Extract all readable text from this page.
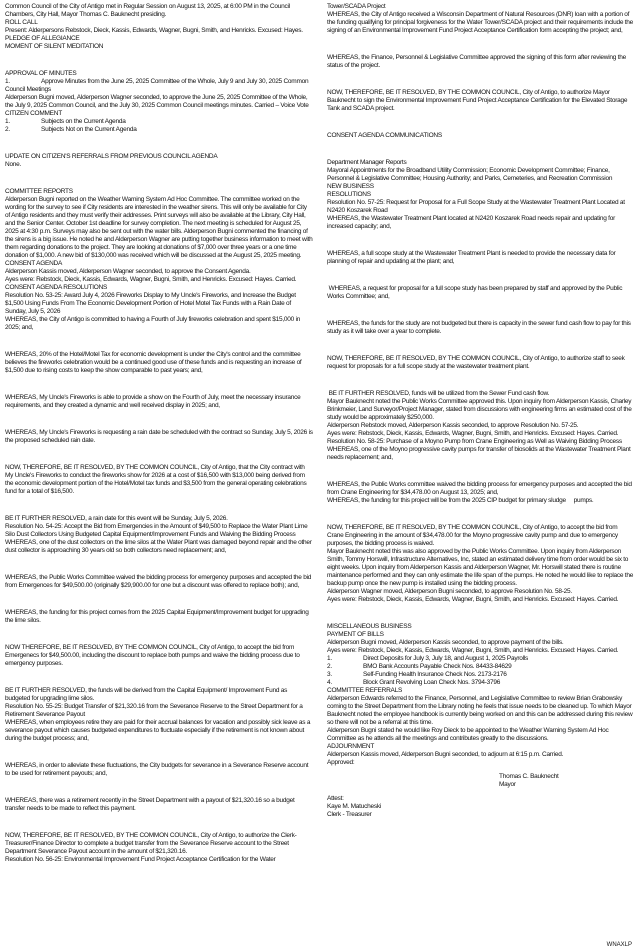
Common Council of the City of Antigo met in Regular Session on August 13, 2025, at 6:00 PM in the Council Chambers, City Hall, Mayor Thomas C. Bauknecht presiding.

ROLL CALL

Present: Alderpersons Rebstock, Dieck, Kassis, Edwards, Wagner, Bugni, Smith, and Henricks. Excused: Hayes.

PLEDGE OF ALLEGIANCE

MOMENT OF SILENT MEDITATION

APPROVAL OF MINUTES

1.	Approve Minutes from the June 25, 2025 Committee of the Whole, July 9 and July 30, 2025 Common Council Meetings

Alderperson Bugni moved, Alderperson Wagner seconded, to approve the June 25, 2025 Committee of the Whole, the July 9, 2025 Common Council, and the July 30, 2025 Common Council meetings minutes. Carried – Voice Vote

CITIZEN COMMENT

1.	Subjects on the Current Agenda

2.	Subjects Not on the Current Agenda

UPDATE ON CITIZEN'S REFERRALS FROM PREVIOUS COUNCIL AGENDA

None.

COMMITTEE REPORTS

Alderperson Bugni reported on the Weather Warning System Ad Hoc Committee. The committee worked on the wording for the survey to see if City residents are interested in the weather sirens. This will only be available for City of Antigo residents and they must verify their addresses. Print surveys will also be available at the Library, City Hall, and the Senior Center. October 1st deadline for survey completion. The next meeting is scheduled for August 25, 2025 at 4:30 p.m. Surveys may also be sent out with the water bills. Alderperson Bugni commented the financing of the sirens is a big issue. He noted he and Alderperson Wagner are putting together business information to meet with them regarding donations to the project. They are looking at donations of $7,000 over three years or a one time donation of $1,000. A new bid of $130,000 was received which will be discussed at the August 25, 2025 meeting.

CONSENT AGENDA

Alderperson Kassis moved, Alderperson Wagner seconded, to approve the Consent Agenda.

Ayes were: Rebstock, Dieck, Kassis, Edwards, Wagner, Bugni, Smith, and Henricks. Excused: Hayes. Carried.

CONSENT AGENDA RESOLUTIONS

Resolution No. 53-25: Award July 4, 2026 Fireworks Display to My Uncle's Fireworks, and Increase the Budget $1,500 Using Funds From The Economic Development Portion of Hotel Motel Tax Funds with a Rain Date of Sunday, July 5, 2026

WHEREAS, the City of Antigo is committed to having a Fourth of July fireworks celebration and spent $15,000 in 2025; and,

WHEREAS, 20% of the Hotel/Motel Tax for economic development is under the City's control and the committee believes the fireworks celebration would be a continued good use of these funds and is requesting an increase of $1,500 due to rising costs to keep the show comparable to past years; and,

WHEREAS, My Uncle's Fireworks is able to provide a show on the Fourth of July, meet the necessary insurance requirements, and they created a dynamic and well received display in 2025; and,

WHEREAS, My Uncle's Fireworks is requesting a rain date be scheduled with the contract so Sunday, July 5, 2026 is the proposed scheduled rain date.

NOW, THEREFORE, BE IT RESOLVED, BY THE COMMON COUNCIL, City of Antigo, that the City contract with My Uncle's Fireworks to conduct the fireworks show for 2026 at a cost of $16,500 with $13,000 being derived from the economic development portion of the Hotel/Motel tax funds and $3,500 from the general operating celebrations fund for a total of $16,500.

BE IT FURTHER RESOLVED, a rain date for this event will be Sunday, July 5, 2026.

Resolution No. 54-25: Accept the Bid from Emergencies in the Amount of $49,500 to Replace the Water Plant Lime Silo Dust Collectors Using Budgeted Capital Equipment/Improvement Funds and Waiving the Bidding Process

WHEREAS, one of the dust collectors on the lime silos at the Water Plant was damaged beyond repair and the other dust collector is approaching 30 years old so both collectors need replacement; and,

WHEREAS, the Public Works Committee waived the bidding process for emergency purposes and accepted the bid from Emergences for $49,500.00 (originally $29,900.00 for one but a discount was offered to replace both); and,

WHEREAS, the funding for this project comes from the 2025 Capital Equipment/Improvement budget for upgrading the lime silos.

NOW THEREFORE, BE IT RESOLVED, BY THE COMMON COUNCIL, City of Antigo, to accept the bid from Emergenecs for $49,500.00, including the discount to replace both pumps and waive the bidding process due to emergency purposes.

BE IT FURTHER RESOLVED, the funds will be derived from the Capital Equipment/ Improvement Fund as budgeted for upgrading lime silos.

Resolution No. 55-25: Budget Transfer of $21,320.16 from the Severance Reserve to the Street Department for a Retirement Severance Payout

WHEREAS, when employees retire they are paid for their accrual balances for vacation and possibly sick leave as a severance payout which causes budgeted expenditures to fluctuate especially if the retirement is not known about during the budget process; and,

WHEREAS, in order to alleviate these fluctuations, the City budgets for severance in a Severance Reserve account to be used for retirement payouts; and,

WHEREAS, there was a retirement recently in the Street Department with a payout of $21,320.16 so a budget transfer needs to be made to reflect this payment.

NOW, THEREFORE, BE IT RESOLVED, BY THE COMMON COUNCIL, City of Antigo, to authorize the Clerk-Treasurer/Finance Director to complete a budget transfer from the Severance Reserve account to the Street Department Severance Payout account in the amount of $21,320.16.

Resolution No. 56-25: Environmental Improvement Fund Project Acceptance Certification for the Water

Tower/SCADA Project

WHEREAS, the City of Antigo received a Wisconsin Department of Natural Resources (DNR) loan with a portion of the funding qualifying for principal forgiveness for the Water Tower/SCADA project and their requirements include the signing of an Environmental Improvement Fund Project Acceptance Certification form accepting the project; and,

WHEREAS, the Finance, Personnel & Legislative Committee approved the signing of this form after reviewing the status of the project.

NOW, THEREFORE, BE IT RESOLVED, BY THE COMMON COUNCIL, City of Antigo, to authorize Mayor Bauknecht to sign the Environmental Improvement Fund Project Acceptance Certification for the Elevated Storage Tank and SCADA project.

CONSENT AGENDA COMMUNICATIONS

Department Manager Reports

Mayoral Appointments for the Broadband Utility Commission; Economic Development Committee; Finance, Personnel & Legislative Committee; Housing Authority; and Parks, Cemeteries, and Recreation Commission

NEW BUSINESS

RESOLUTIONS

Resolution No. 57-25: Request for Proposal for a Full Scope Study at the Wastewater Treatment Plant Located at N2420 Koszarek Road

WHEREAS, the Wastewater Treatment Plant located at N2420 Koszarek Road needs repair and updating for increased capacity; and,

WHEREAS, a full scope study at the Wastewater Treatment Plant is needed to provide the necessary data for planning of repair and updating at the plant; and,

WHEREAS, a request for proposal for a full scope study has been prepared by staff and approved by the Public Works Committee; and,

WHEREAS, the funds for the study are not budgeted but there is capacity in the sewer fund cash flow to pay for this study as it will take over a year to complete.

NOW, THEREFORE, BE IT RESOLVED, BY THE COMMON COUNCIL, City of Antigo, to authorize staff to seek request for proposals for a full scope study at the wastewater treatment plant.

BE IT FURTHER RESOLVED, funds will be utilized from the Sewer Fund cash flow.

Mayor Bauknecht noted the Public Works Committee approved this. Upon inquiry from Alderperson Kassis, Charley Brinkmeier, Land Surveyor/Project Manager, stated from discussions with engineering firms an estimated cost of the study would be approximately $250,000.

Alderperson Rebstock moved, Alderperson Kassis seconded, to approve Resolution No. 57-25.

Ayes were: Rebstock, Dieck, Kassis, Edwards, Wagner, Bugni, Smith, and Henricks. Excused: Hayes. Carried.

Resolution No. 58-25: Purchase of a Moyno Pump from Crane Engineering as Well as Waiving Bidding Process

WHEREAS, one of the Moyno progressive cavity pumps for transfer of biosolids at the Wastewater Treatment Plant needs replacement; and,

WHEREAS, the Public Works committee waived the bidding process for emergency purposes and accepted the bid from Crane Engineering for $34,478.00 on August 13, 2025; and,

WHEREAS, the funding for this project will be from the 2025 CIP budget for primary sludge     pumps.

NOW, THEREFORE, BE IT RESOLVED, BY THE COMMON COUNCIL, City of Antigo, to accept the bid from Crane Engineering in the amount of $34,478.00 for the Moyno progressive cavity pump and due to emergency purposes, the bidding process is waived.

Mayor Bauknecht noted this was also approved by the Public Works Committee. Upon inquiry from Alderperson Smith, Tommy Horswill, Infrastructure Alternatives, Inc, stated an estimated delivery time from order would be six to eight weeks. Upon inquiry from Alderperson Kassis and Alderperson Wagner, Mr. Horswill stated there is routine maintenance performed and they can only estimate the life span of the pumps. He noted he would like to replace the backup pump once the new pump is installed using the bidding process.

Alderperson Wagner moved, Alderperson Bugni seconded, to approve Resolution No. 58-25.

Ayes were: Rebstock, Dieck, Kassis, Edwards, Wagner, Bugni, Smith, and Henricks. Excused: Hayes. Carried.

MISCELLANEOUS BUSINESS

PAYMENT OF BILLS

Alderperson Bugni moved, Alderperson Kassis seconded, to approve payment of the bills.

Ayes were: Rebstock, Dieck, Kassis, Edwards, Wagner, Bugni, Smith, and Henricks. Excused: Hayes. Carried.

1.	Direct Deposits for July 3, July 18, and August 1, 2025 Payrolls

2.	BMO Bank Accounts Payable Check Nos. 84433-84629

3.	Self-Funding Health Insurance Check Nos. 2173-2176

4.	Block Grant Revolving Loan Check Nos. 3794-3796

COMMITTEE REFERRALS

Alderperson Edwards referred to the Finance, Personnel, and Legislative Committee to review Brian Grabowsky coming to the Street Department from the Library noting he feels that issue needs to be cleaned up. To which Mayor Bauknecht noted the employee handbook is currently being worked on and this can be addressed during this review so there will not be a referral at this time.

Alderperson Bugni stated he would like Roy Dieck to be appointed to the Weather Warning System Ad Hoc Committee as he attends all the meetings and contributes greatly to the discussions.

ADJOURNMENT

Alderperson Kassis moved, Alderperson Bugni seconded, to adjourn at 6:15 p.m. Carried.

Approved:

Thomas C. Bauknecht

Mayor

Attest:

Kaye M. Matucheski

Clerk - Treasurer

WNAXLP
